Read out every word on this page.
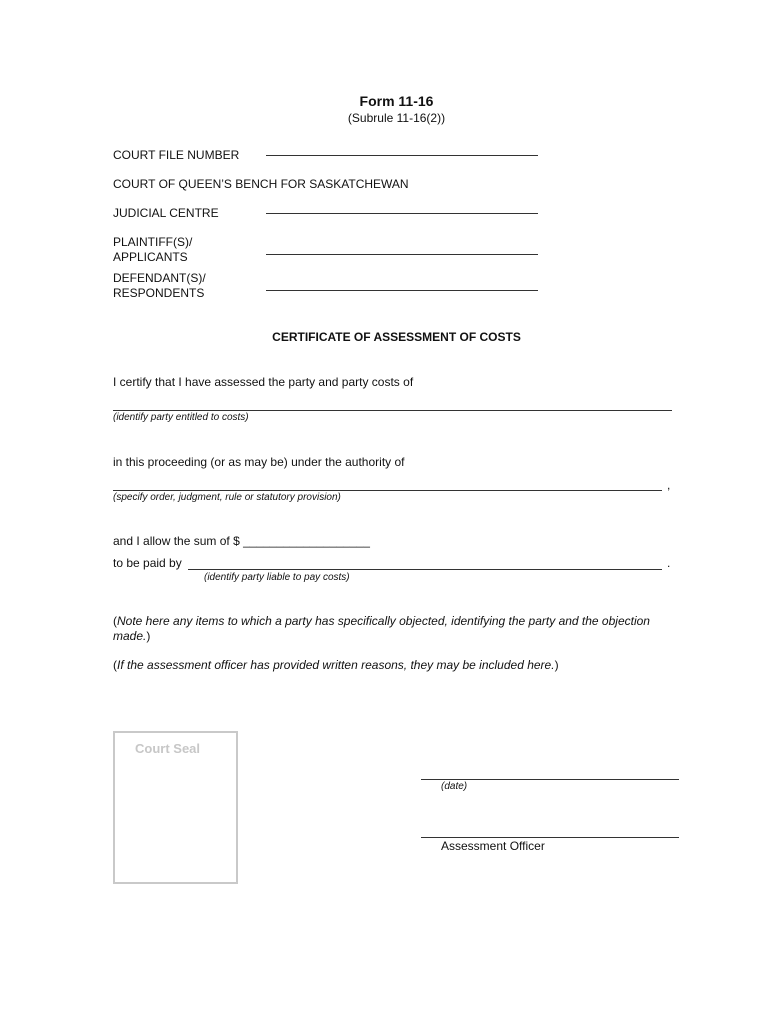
Form 11-16
(Subrule 11-16(2))
COURT FILE NUMBER
COURT OF QUEEN’S BENCH FOR SASKATCHEWAN
JUDICIAL CENTRE
PLAINTIFF(S)/
APPLICANTS
DEFENDANT(S)/
RESPONDENTS
CERTIFICATE OF ASSESSMENT OF COSTS
I certify that I have assessed the party and party costs of
(identify party entitled to costs)
in this proceeding (or as may be) under the authority of
,
(specify order, judgment, rule or statutory provision)
and I allow the sum of $ ___________________
to be paid by	.
(identify party liable to pay costs)
(Note here any items to which a party has specifically objected, identifying the party and the objection made.)
(If the assessment officer has provided written reasons, they may be included here.)
Court Seal
(date)
Assessment Officer
